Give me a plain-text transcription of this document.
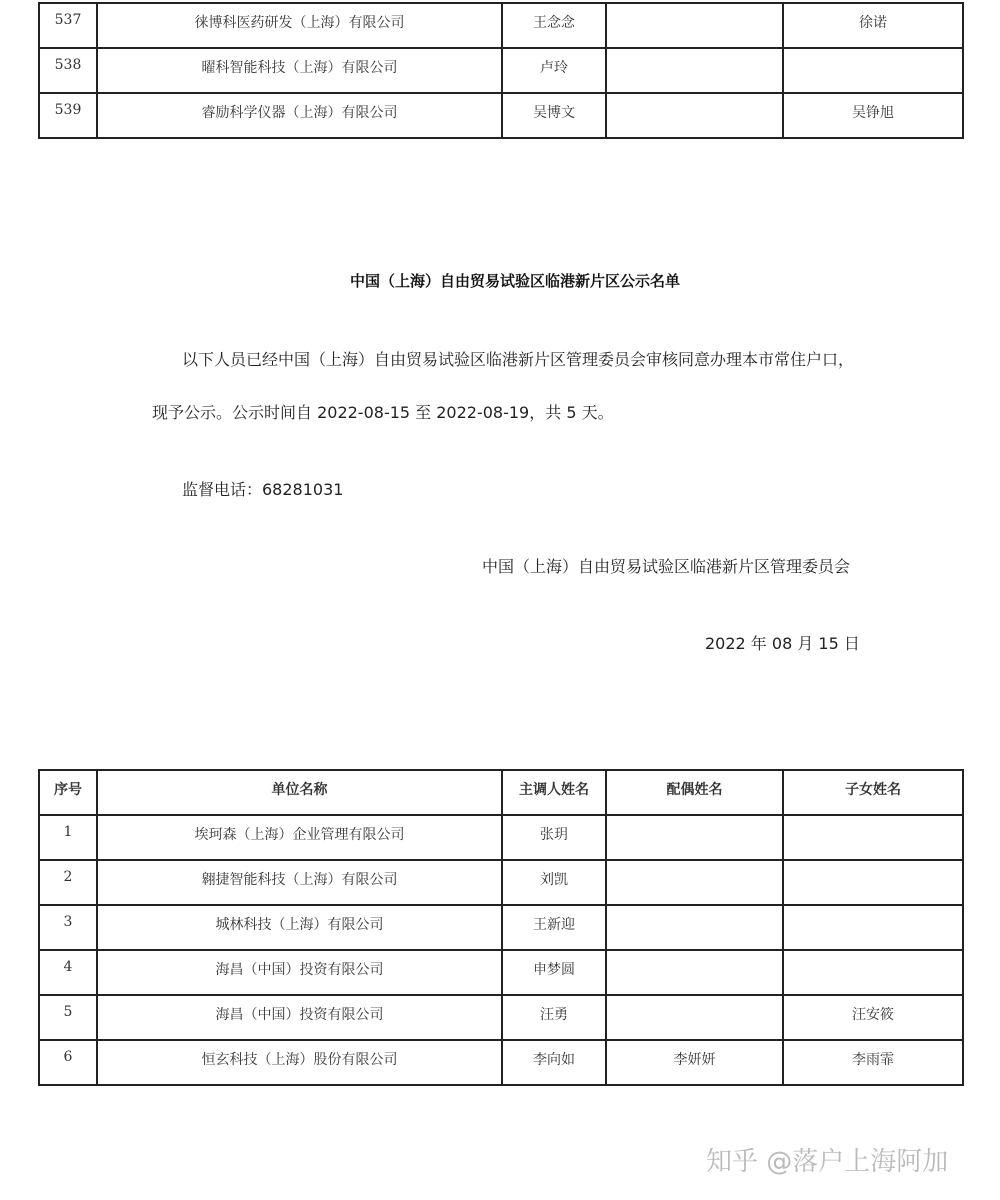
537	徕博科医药研发（上海）有限公司	王念念		徐诺
538	曜科智能科技（上海）有限公司	卢玲		
539	睿励科学仪器（上海）有限公司	吴博文		吴铮旭
中国（上海）自由贸易试验区临港新片区公示名单
以下人员已经中国（上海）自由贸易试验区临港新片区管理委员会审核同意办理本市常住户口，
现予公示。公示时间自 2022-08-15 至 2022-08-19，共 5 天。
监督电话：68281031
中国（上海）自由贸易试验区临港新片区管理委员会
2022 年 08 月 15 日
序号	单位名称	主调人姓名	配偶姓名	子女姓名
1	埃珂森（上海）企业管理有限公司	张玥		
2	翱捷智能科技（上海）有限公司	刘凯		
3	城林科技（上海）有限公司	王新迎		
4	海昌（中国）投资有限公司	申梦圆		
5	海昌（中国）投资有限公司	汪勇		汪安筱
6	恒玄科技（上海）股份有限公司	李向如	李妍妍	李雨霏
知乎 @落户上海阿加
